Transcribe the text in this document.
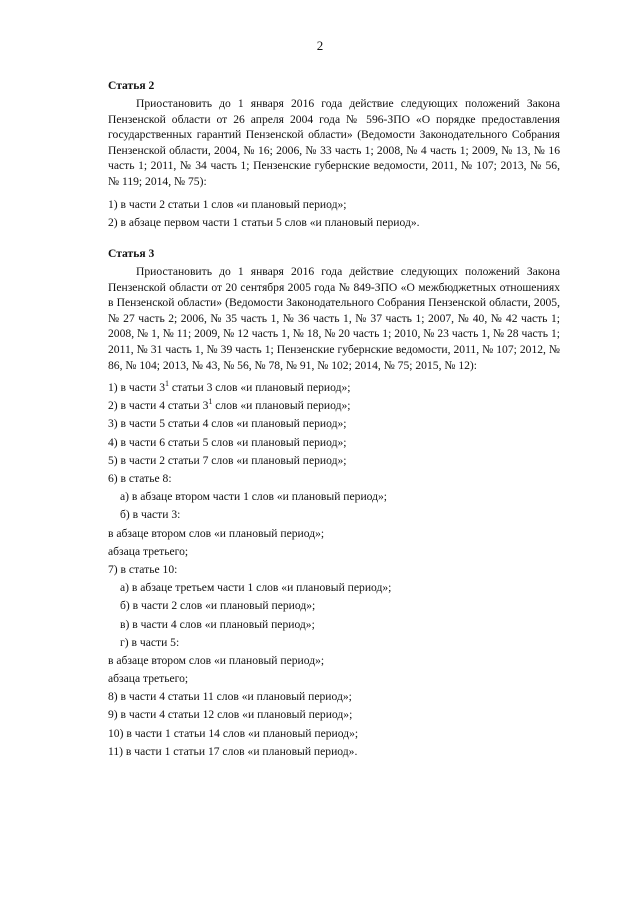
2
Статья 2
Приостановить до 1 января 2016 года действие следующих положений Закона Пензенской области от 26 апреля 2004 года № 596-ЗПО «О порядке предоставления государственных гарантий Пензенской области» (Ведомости Законодательного Собрания Пензенской области, 2004, № 16; 2006, № 33 часть 1; 2008, № 4 часть 1; 2009, № 13, № 16 часть 1; 2011, № 34 часть 1; Пензенские губернские ведомости, 2011, № 107; 2013, № 56, № 119; 2014, № 75):
1) в части 2 статьи 1 слов «и плановый период»;
2) в абзаце первом части 1 статьи 5 слов «и плановый период».
Статья 3
Приостановить до 1 января 2016 года действие следующих положений Закона Пензенской области от 20 сентября 2005 года № 849-ЗПО «О межбюджетных отношениях в Пензенской области» (Ведомости Законодательного Собрания Пензенской области, 2005, № 27 часть 2; 2006, № 35 часть 1, № 36 часть 1, № 37 часть 1; 2007, № 40, № 42 часть 1; 2008, № 1, № 11; 2009, № 12 часть 1, № 18, № 20 часть 1; 2010, № 23 часть 1, № 28 часть 1; 2011, № 31 часть 1, № 39 часть 1; Пензенские губернские ведомости, 2011, № 107; 2012, № 86, № 104; 2013, № 43, № 56, № 78, № 91, № 102; 2014, № 75; 2015, № 12):
1) в части $3^1$ статьи 3 слов «и плановый период»;
2) в части 4 статьи $3^1$ слов «и плановый период»;
3) в части 5 статьи 4 слов «и плановый период»;
4) в части 6 статьи 5 слов «и плановый период»;
5) в части 2 статьи 7 слов «и плановый период»;
6) в статье 8:
а) в абзаце втором части 1 слов «и плановый период»;
б) в части 3:
в абзаце втором слов «и плановый период»;
абзаца третьего;
7) в статье 10:
а) в абзаце третьем части 1 слов «и плановый период»;
б) в части 2 слов «и плановый период»;
в) в части 4 слов «и плановый период»;
г) в части 5:
в абзаце втором слов «и плановый период»;
абзаца третьего;
8) в части 4 статьи 11 слов «и плановый период»;
9) в части 4 статьи 12 слов «и плановый период»;
10) в части 1 статьи 14 слов «и плановый период»;
11) в части 1 статьи 17 слов «и плановый период».
